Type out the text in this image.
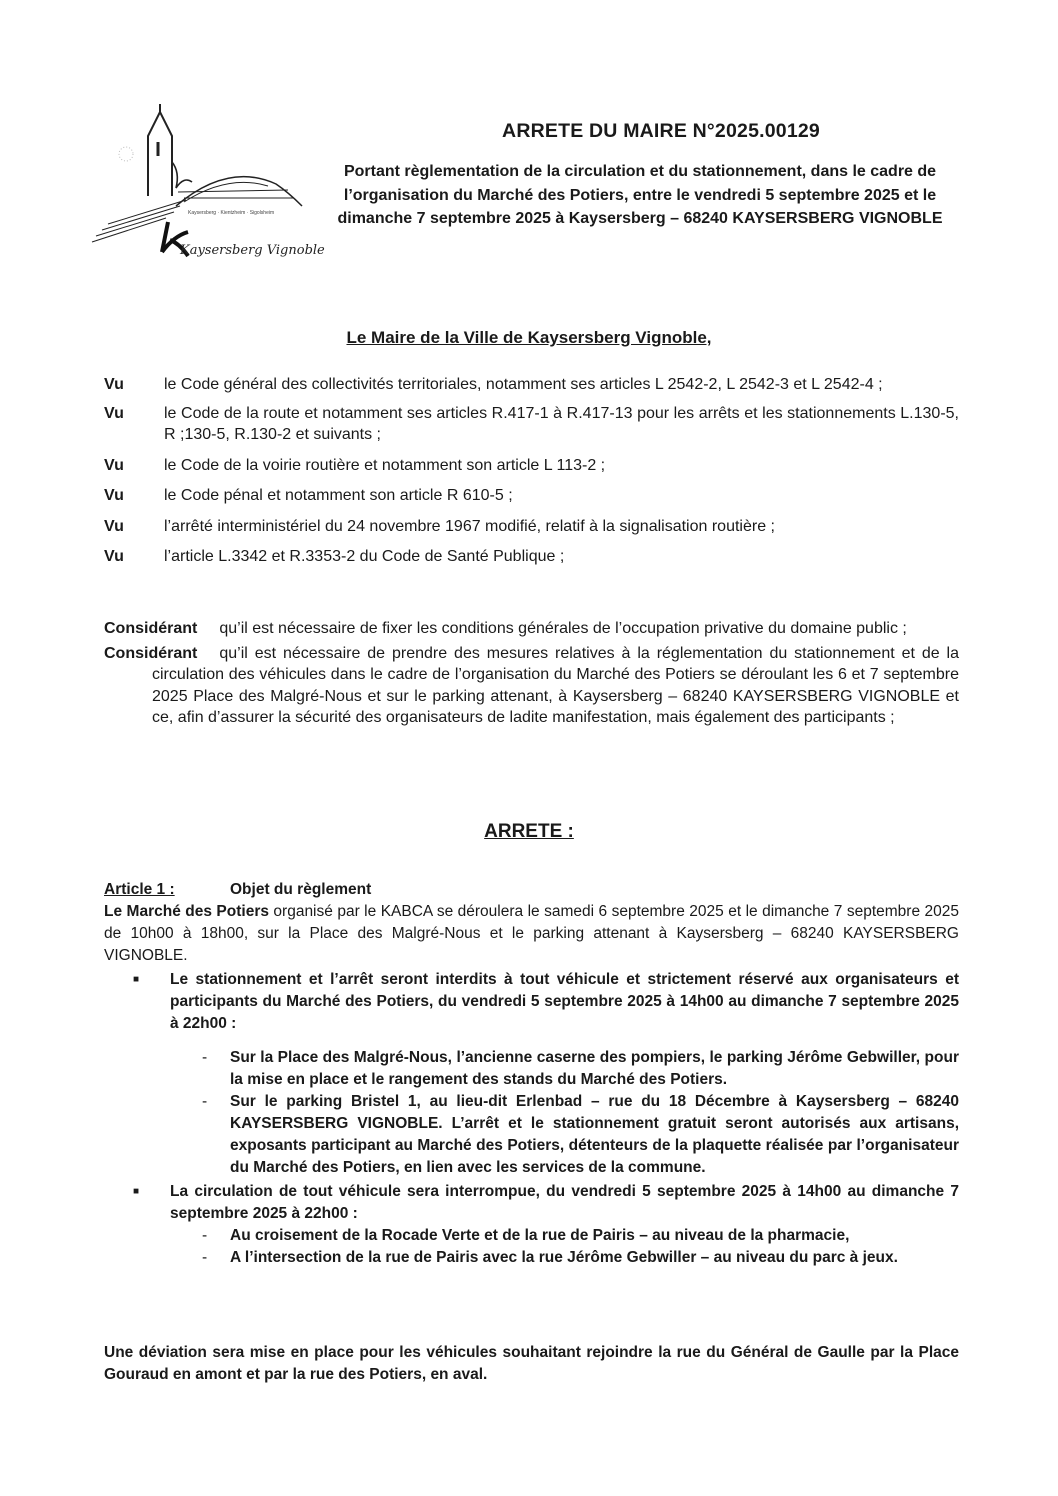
Kaysersberg · Kientzheim · Sigolsheim
Kaysersberg Vignoble
ARRETE DU MAIRE N°2025.00129
Portant règlementation de la circulation et du stationnement, dans le cadre de l’organisation du Marché des Potiers, entre le vendredi 5 septembre 2025 et le dimanche 7 septembre 2025 à Kaysersberg – 68240 KAYSERSBERG VIGNOBLE
Le Maire de la Ville de Kaysersberg Vignoble,
Vu	le Code général des collectivités territoriales, notamment ses articles L 2542-2, L 2542-3 et L 2542-4 ;
Vu	le Code de la route et notamment ses articles R.417-1 à R.417-13 pour les arrêts et les stationnements L.130-5, R ;130-5, R.130-2 et suivants ;
Vu	le Code de la voirie routière et notamment son article L 113-2 ;
Vu	le Code pénal et notamment son article R 610-5 ;
Vu	l’arrêté interministériel du 24 novembre 1967 modifié, relatif à la signalisation routière ;
Vu	l’article L.3342 et R.3353-2 du Code de Santé Publique ;
Considérant qu’il est nécessaire de fixer les conditions générales de l’occupation privative du domaine public ;
Considérant qu’il est nécessaire de prendre des mesures relatives à la réglementation du stationnement et de la circulation des véhicules dans le cadre de l’organisation du Marché des Potiers se déroulant les 6 et 7 septembre 2025 Place des Malgré-Nous et sur le parking attenant, à Kaysersberg – 68240 KAYSERSBERG VIGNOBLE et ce, afin d’assurer la sécurité des organisateurs de ladite manifestation, mais également des participants ;
ARRETE :
Article 1 :	Objet du règlement
Le Marché des Potiers organisé par le KABCA se déroulera le samedi 6 septembre 2025 et le dimanche 7 septembre 2025 de 10h00 à 18h00, sur la Place des Malgré-Nous et le parking attenant à Kaysersberg – 68240 KAYSERSBERG VIGNOBLE.
■	Le stationnement et l’arrêt seront interdits à tout véhicule et strictement réservé aux organisateurs et participants du Marché des Potiers, du vendredi 5 septembre 2025 à 14h00 au dimanche 7 septembre 2025 à 22h00 :
-	Sur la Place des Malgré-Nous, l’ancienne caserne des pompiers, le parking Jérôme Gebwiller, pour la mise en place et le rangement des stands du Marché des Potiers.
-	Sur le parking Bristel 1, au lieu-dit Erlenbad – rue du 18 Décembre à Kaysersberg – 68240 KAYSERSBERG VIGNOBLE. L’arrêt et le stationnement gratuit seront autorisés aux artisans, exposants participant au Marché des Potiers, détenteurs de la plaquette réalisée par l’organisateur du Marché des Potiers, en lien avec les services de la commune.
■	La circulation de tout véhicule sera interrompue, du vendredi 5 septembre 2025 à 14h00 au dimanche 7 septembre 2025 à 22h00 :
-	Au croisement de la Rocade Verte et de la rue de Pairis – au niveau de la pharmacie,
-	A l’intersection de la rue de Pairis avec la rue Jérôme Gebwiller – au niveau du parc à jeux.
Une déviation sera mise en place pour les véhicules souhaitant rejoindre la rue du Général de Gaulle par la Place Gouraud en amont et par la rue des Potiers, en aval.
